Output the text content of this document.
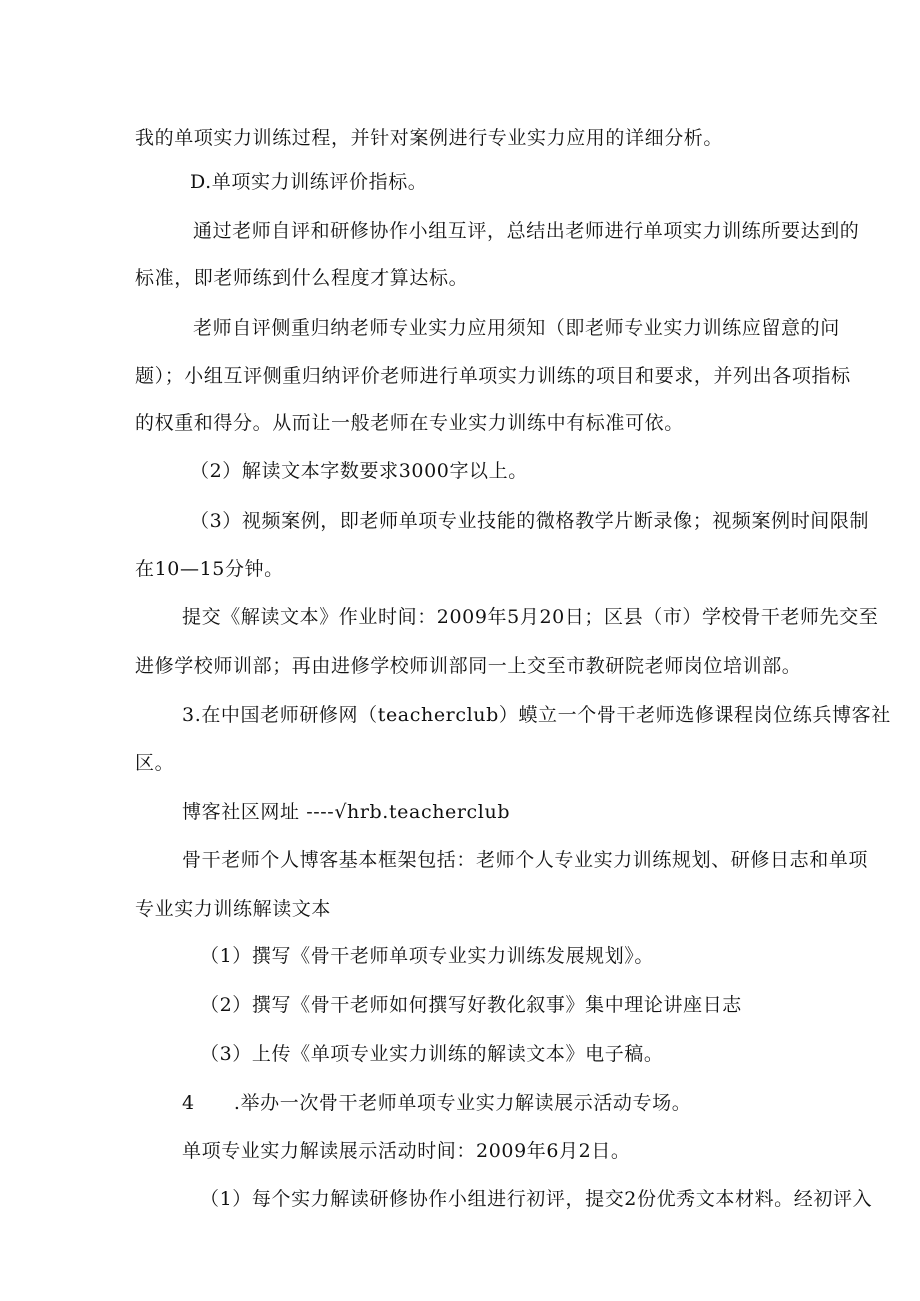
我的单项实力训练过程，并针对案例进行专业实力应用的详细分析。

D.单项实力训练评价指标。

通过老师自评和研修协作小组互评，总结出老师进行单项实力训练所要达到的

标准，即老师练到什么程度才算达标。

老师自评侧重归纳老师专业实力应用须知（即老师专业实力训练应留意的问

题）；小组互评侧重归纳评价老师进行单项实力训练的项目和要求，并列出各项指标

的权重和得分。从而让一般老师在专业实力训练中有标准可依。

（2）解读文本字数要求3000字以上。

（3）视频案例，即老师单项专业技能的微格教学片断录像；视频案例时间限制

在10—15分钟。

提交《解读文本》作业时间：2009年5月20日；区县（市）学校骨干老师先交至

进修学校师训部；再由进修学校师训部同一上交至市教研院老师岗位培训部。

3.在中国老师研修网（teacherclub）蟆立一个骨干老师选修课程岗位练兵博客社

区。

博客社区网址 ----√hrb.teacherclub

骨干老师个人博客基本框架包括：老师个人专业实力训练规划、研修日志和单项

专业实力训练解读文本

（1）撰写《骨干老师单项专业实力训练发展规划》。

（2）撰写《骨干老师如何撰写好教化叙事》集中理论讲座日志

（3）上传《单项专业实力训练的解读文本》电子稿。

4　　.举办一次骨干老师单项专业实力解读展示活动专场。

单项专业实力解读展示活动时间：2009年6月2日。

（1）每个实力解读研修协作小组进行初评，提交2份优秀文本材料。经初评入
